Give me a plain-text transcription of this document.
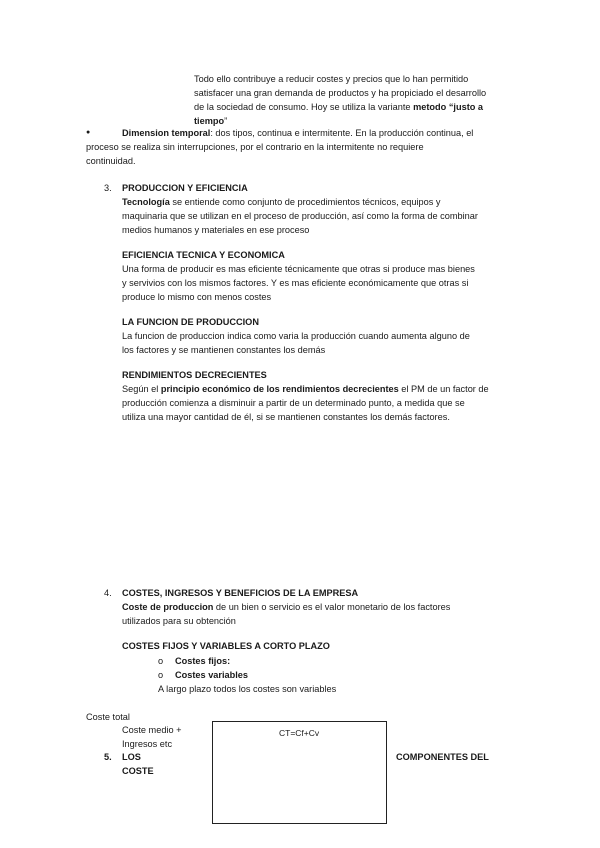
Todo ello contribuye a reducir costes y precios que lo han permitido
satisfacer una gran demanda de productos y ha propiciado el desarrollo
de la sociedad de consumo. Hoy se utiliza la variante metodo “justo a
tiempo”
●	Dimension temporal: dos tipos, continua e intermitente. En la producción continua, el
proceso se realiza sin interrupciones, por el contrario en la intermitente no requiere
continuidad.
3. PRODUCCION Y EFICIENCIA
Tecnología se entiende como conjunto de procedimientos técnicos, equipos y
maquinaria que se utilizan en el proceso de producción, así como la forma de combinar
medios humanos y materiales en ese proceso
EFICIENCIA TECNICA Y ECONOMICA
Una forma de producir es mas eficiente técnicamente que otras si produce mas bienes
y servivios con los mismos factores. Y es mas eficiente económicamente que otras si
produce lo mismo con menos costes
LA FUNCION DE PRODUCCION
La funcion de produccion indica como varia la producción cuando aumenta alguno de
los factores y se mantienen constantes los demás
RENDIMIENTOS DECRECIENTES
Según el principio económico de los rendimientos decrecientes el PM de un factor de
producción comienza a disminuir a partir de un determinado punto, a medida que se
utiliza una mayor cantidad de él, si se mantienen constantes los demás factores.
4. COSTES, INGRESOS Y BENEFICIOS DE LA EMPRESA
Coste de produccion de un bien o servicio es el valor monetario de los factores
utilizados para su obtención
COSTES FIJOS Y VARIABLES A CORTO PLAZO
o Costes fijos:
o Costes variables
A largo plazo todos los costes son variables
Coste total
Coste medio +
Ingresos etc
5. LOS
COSTE
COMPONENTES DEL
CT=Cf+Cv
